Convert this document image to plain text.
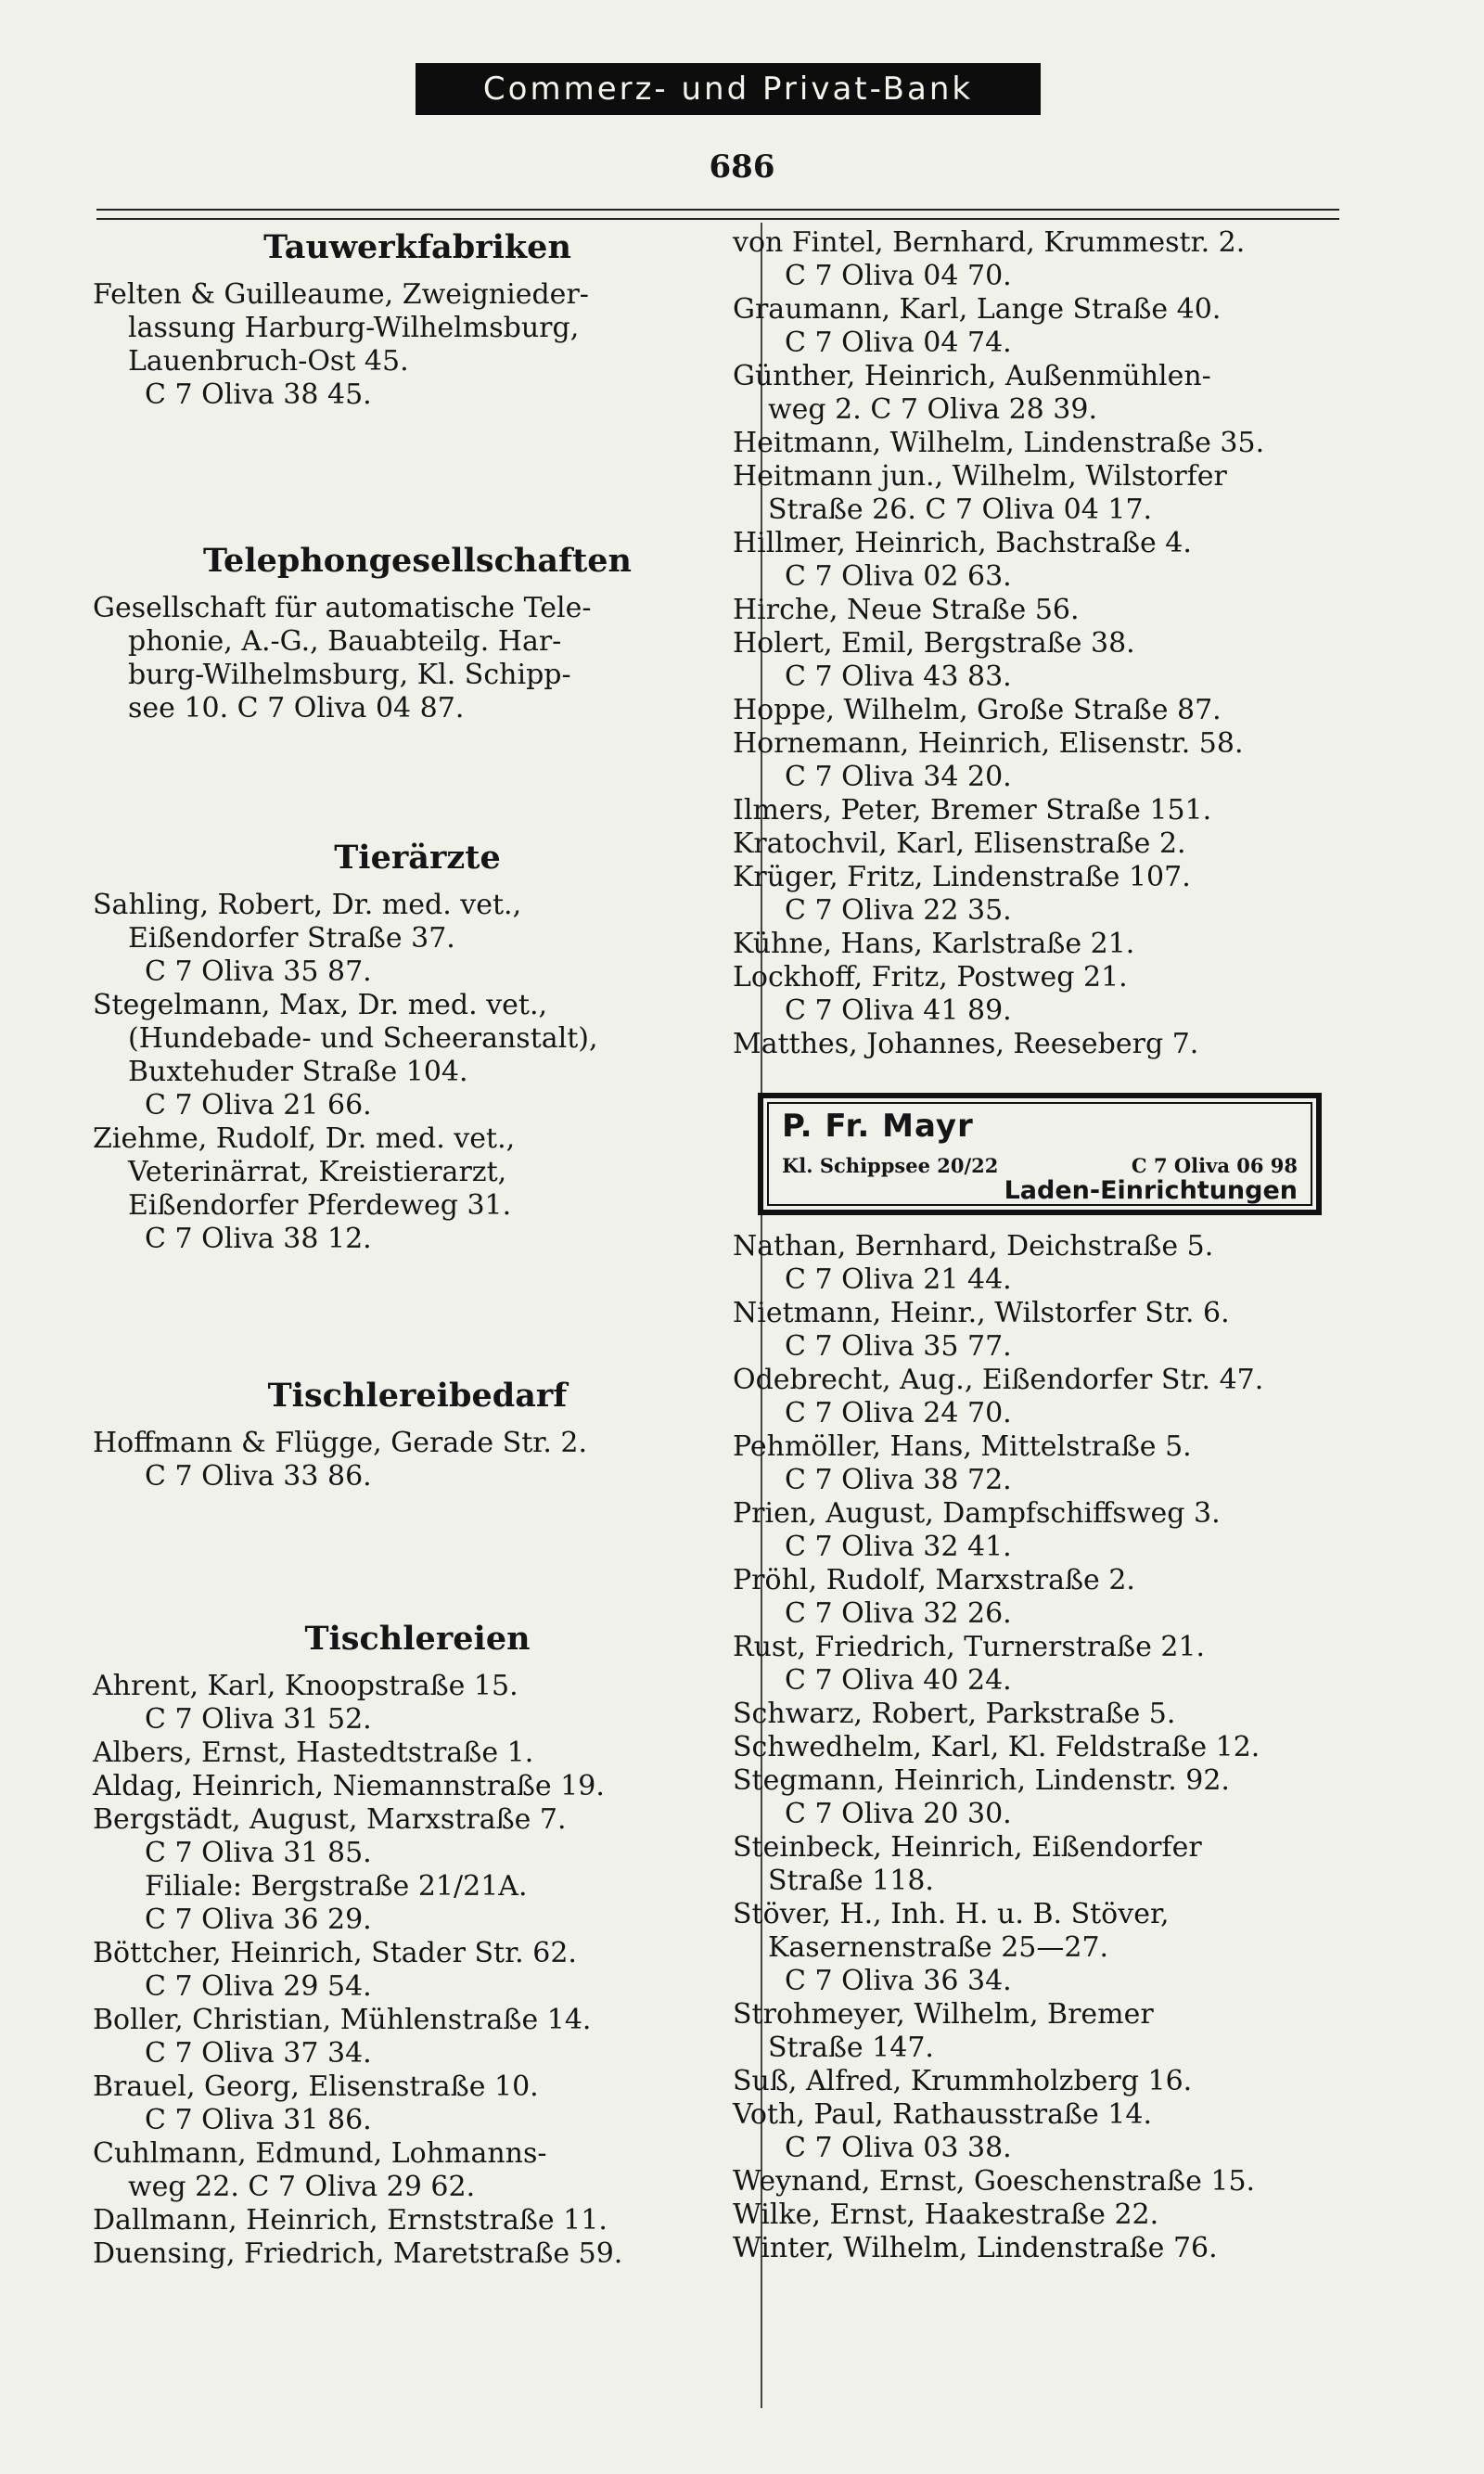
Commerz- und Privat-Bank
686
Tauwerkfabriken

Felten & Guilleaume, Zweignieder-

lassung Harburg-Wilhelmsburg,

Lauenbruch-Ost 45.

C 7 Oliva 38 45.

Telephongesellschaften

Gesellschaft für automatische Tele-

phonie, A.-G., Bauabteilg. Har-

burg-Wilhelmsburg, Kl. Schipp-

see 10. C 7 Oliva 04 87.

Tierärzte

Sahling, Robert, Dr. med. vet.,

Eißendorfer Straße 37.

C 7 Oliva 35 87.

Stegelmann, Max, Dr. med. vet.,

(Hundebade- und Scheeranstalt),

Buxtehuder Straße 104.

C 7 Oliva 21 66.

Ziehme, Rudolf, Dr. med. vet.,

Veterinärrat, Kreistierarzt,

Eißendorfer Pferdeweg 31.

C 7 Oliva 38 12.

Tischlereibedarf

Hoffmann & Flügge, Gerade Str. 2.

C 7 Oliva 33 86.

Tischlereien

Ahrent, Karl, Knoopstraße 15.

C 7 Oliva 31 52.

Albers, Ernst, Hastedtstraße 1.

Aldag, Heinrich, Niemannstraße 19.

Bergstädt, August, Marxstraße 7.

C 7 Oliva 31 85.

Filiale: Bergstraße 21/21A.

C 7 Oliva 36 29.

Böttcher, Heinrich, Stader Str. 62.

C 7 Oliva 29 54.

Boller, Christian, Mühlenstraße 14.

C 7 Oliva 37 34.

Brauel, Georg, Elisenstraße 10.

C 7 Oliva 31 86.

Cuhlmann, Edmund, Lohmanns-

weg 22. C 7 Oliva 29 62.

Dallmann, Heinrich, Ernststraße 11.

Duensing, Friedrich, Maretstraße 59.

von Fintel, Bernhard, Krummestr. 2.

C 7 Oliva 04 70.

Graumann, Karl, Lange Straße 40.

C 7 Oliva 04 74.

Günther, Heinrich, Außenmühlen-

weg 2. C 7 Oliva 28 39.

Heitmann, Wilhelm, Lindenstraße 35.

Heitmann jun., Wilhelm, Wilstorfer

Straße 26. C 7 Oliva 04 17.

Hillmer, Heinrich, Bachstraße 4.

C 7 Oliva 02 63.

Hirche, Neue Straße 56.

Holert, Emil, Bergstraße 38.

C 7 Oliva 43 83.

Hoppe, Wilhelm, Große Straße 87.

Hornemann, Heinrich, Elisenstr. 58.

C 7 Oliva 34 20.

Ilmers, Peter, Bremer Straße 151.

Kratochvil, Karl, Elisenstraße 2.

Krüger, Fritz, Lindenstraße 107.

C 7 Oliva 22 35.

Kühne, Hans, Karlstraße 21.

Lockhoff, Fritz, Postweg 21.

C 7 Oliva 41 89.

Matthes, Johannes, Reeseberg 7.

P. Fr. Mayr
Kl. Schippsee 20/22	C 7 Oliva 06 98
Laden-Einrichtungen

Nathan, Bernhard, Deichstraße 5.

C 7 Oliva 21 44.

Nietmann, Heinr., Wilstorfer Str. 6.

C 7 Oliva 35 77.

Odebrecht, Aug., Eißendorfer Str. 47.

C 7 Oliva 24 70.

Pehmöller, Hans, Mittelstraße 5.

C 7 Oliva 38 72.

Prien, August, Dampfschiffsweg 3.

C 7 Oliva 32 41.

Pröhl, Rudolf, Marxstraße 2.

C 7 Oliva 32 26.

Rust, Friedrich, Turnerstraße 21.

C 7 Oliva 40 24.

Schwarz, Robert, Parkstraße 5.

Schwedhelm, Karl, Kl. Feldstraße 12.

Stegmann, Heinrich, Lindenstr. 92.

C 7 Oliva 20 30.

Steinbeck, Heinrich, Eißendorfer

Straße 118.

Stöver, H., Inh. H. u. B. Stöver,

Kasernenstraße 25—27.

C 7 Oliva 36 34.

Strohmeyer, Wilhelm, Bremer

Straße 147.

Suß, Alfred, Krummholzberg 16.

Voth, Paul, Rathausstraße 14.

C 7 Oliva 03 38.

Weynand, Ernst, Goeschenstraße 15.

Wilke, Ernst, Haakestraße 22.

Winter, Wilhelm, Lindenstraße 76.
